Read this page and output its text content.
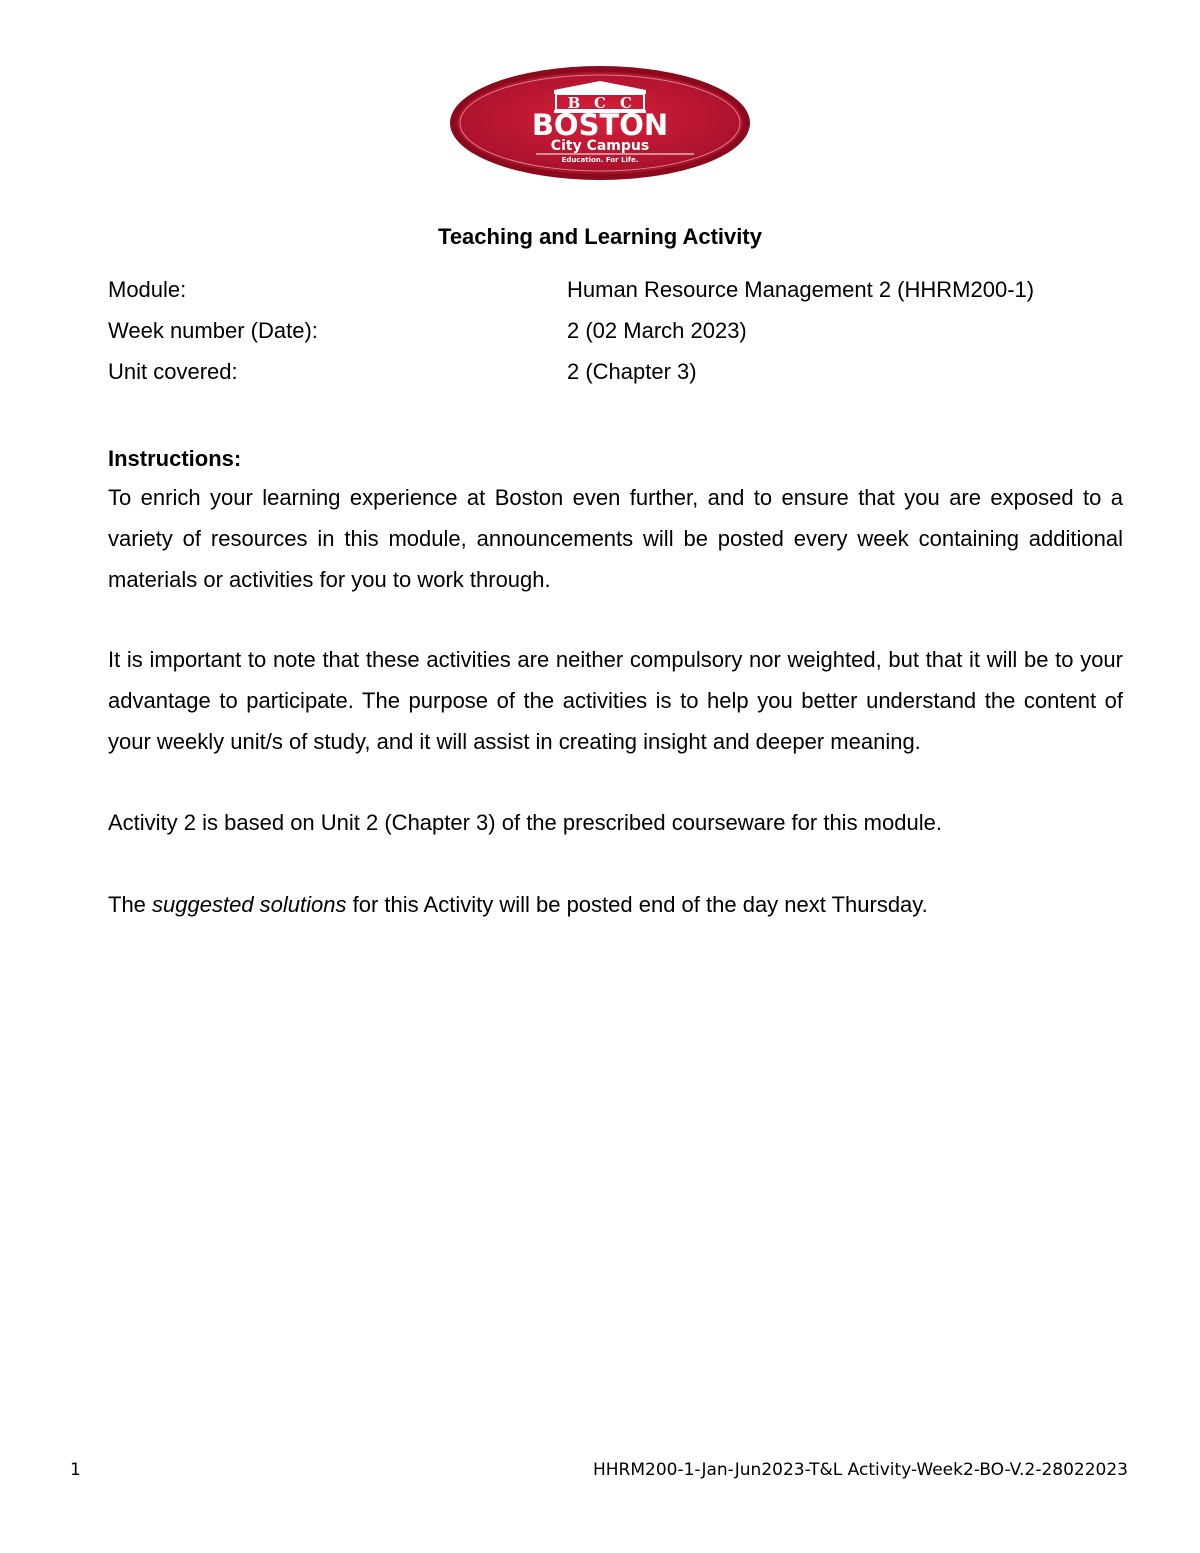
B C C
BOSTON
City Campus
Education. For Life.
Teaching and Learning Activity
Module:	Human Resource Management 2 (HHRM200-1)
Week number (Date):	2 (02 March 2023)
Unit covered:	2 (Chapter 3)
Instructions:

To enrich your learning experience at Boston even further, and to ensure that you are exposed to a variety of resources in this module, announcements will be posted every week containing additional materials or activities for you to work through.

It is important to note that these activities are neither compulsory nor weighted, but that it will be to your advantage to participate. The purpose of the activities is to help you better understand the content of your weekly unit/s of study, and it will assist in creating insight and deeper meaning.

Activity 2 is based on Unit 2 (Chapter 3) of the prescribed courseware for this module.

The suggested solutions for this Activity will be posted end of the day next Thursday.

1	HHRM200-1-Jan-Jun2023-T&L Activity-Week2-BO-V.2-28022023
